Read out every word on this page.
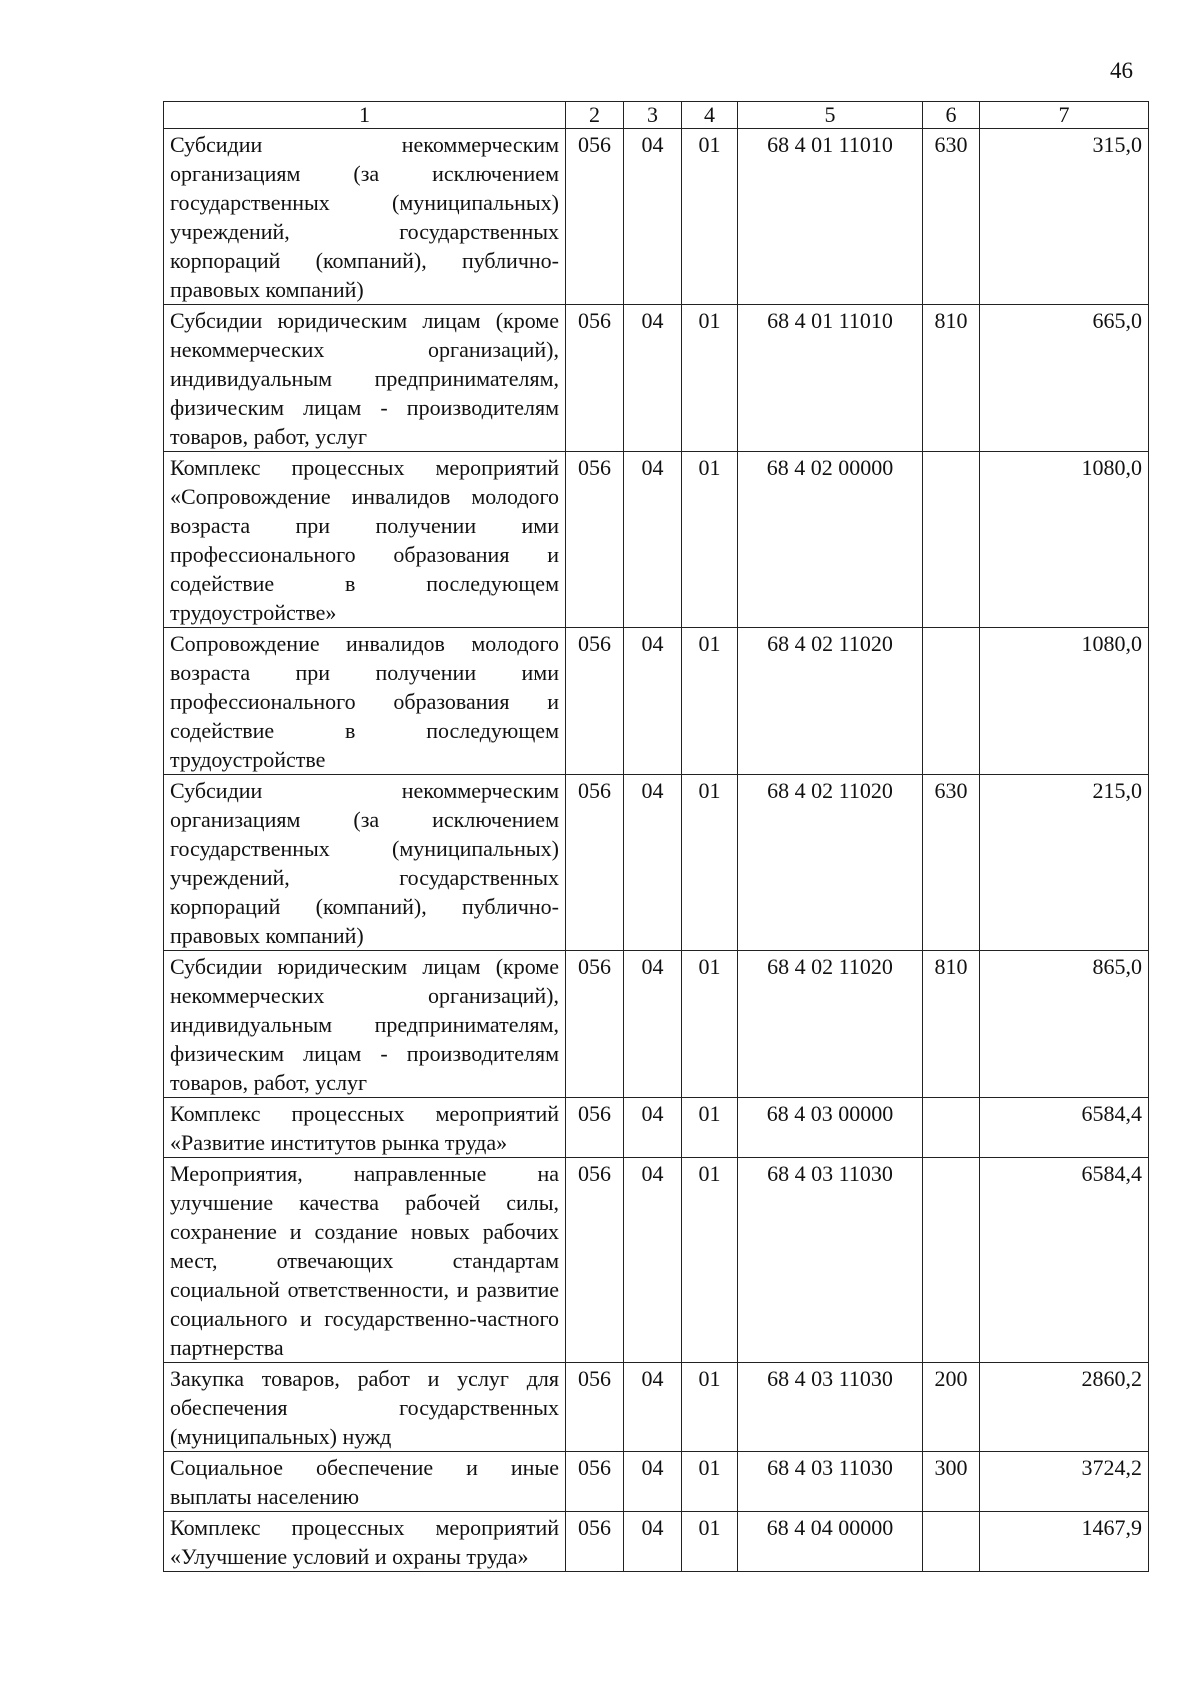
46
1	2	3	4	5	6	7
Субсидии некоммерческим организациям (за исключением государственных (муниципальных) учреждений, государственных корпораций (компаний), публично-правовых компаний)	056	04	01	68 4 01 11010	630	315,0
Субсидии юридическим лицам (кроме некоммерческих организаций), индивидуальным предпринимателям, физическим лицам - производителям товаров, работ, услуг	056	04	01	68 4 01 11010	810	665,0
Комплекс процессных мероприятий «Сопровождение инвалидов молодого возраста при получении ими профессионального образования и содействие в последующем трудоустройстве»	056	04	01	68 4 02 00000		1080,0
Сопровождение инвалидов молодого возраста при получении ими профессионального образования и содействие в последующем трудоустройстве	056	04	01	68 4 02 11020		1080,0
Субсидии некоммерческим организациям (за исключением государственных (муниципальных) учреждений, государственных корпораций (компаний), публично-правовых компаний)	056	04	01	68 4 02 11020	630	215,0
Субсидии юридическим лицам (кроме некоммерческих организаций), индивидуальным предпринимателям, физическим лицам - производителям товаров, работ, услуг	056	04	01	68 4 02 11020	810	865,0
Комплекс процессных мероприятий «Развитие институтов рынка труда»	056	04	01	68 4 03 00000		6584,4
Мероприятия, направленные на улучшение качества рабочей силы, сохранение и создание новых рабочих мест, отвечающих стандартам социальной ответственности, и развитие социального и государственно-частного партнерства	056	04	01	68 4 03 11030		6584,4
Закупка товаров, работ и услуг для обеспечения государственных (муниципальных) нужд	056	04	01	68 4 03 11030	200	2860,2
Социальное обеспечение и иные выплаты населению	056	04	01	68 4 03 11030	300	3724,2
Комплекс процессных мероприятий «Улучшение условий и охраны труда»	056	04	01	68 4 04 00000		1467,9
